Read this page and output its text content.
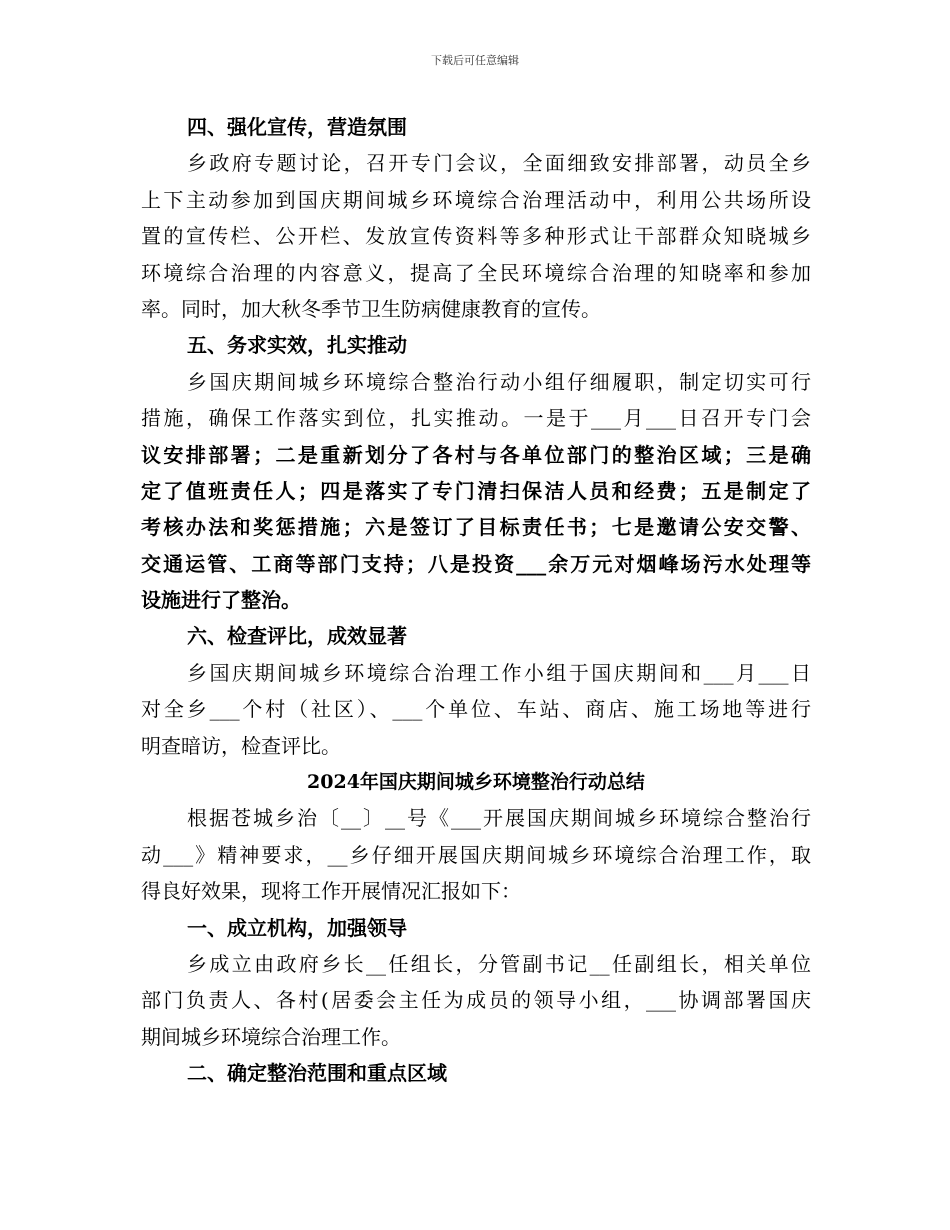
下载后可任意编辑
四、强化宣传，营造氛围
乡政府专题讨论，召开专门会议，全面细致安排部署，动员全乡
上下主动参加到国庆期间城乡环境综合治理活动中，利用公共场所设
置的宣传栏、公开栏、发放宣传资料等多种形式让干部群众知晓城乡
环境综合治理的内容意义，提高了全民环境综合治理的知晓率和参加
率。同时，加大秋冬季节卫生防病健康教育的宣传。
五、务求实效，扎实推动
乡国庆期间城乡环境综合整治行动小组仔细履职，制定切实可行
措施，确保工作落实到位，扎实推动。一是于___月___日召开专门会
议安排部署；二是重新划分了各村与各单位部门的整治区域；三是确
定了值班责任人；四是落实了专门清扫保洁人员和经费；五是制定了
考核办法和奖惩措施；六是签订了目标责任书；七是邀请公安交警、
交通运管、工商等部门支持；八是投资___余万元对烟峰场污水处理等
设施进行了整治。
六、检查评比，成效显著
乡国庆期间城乡环境综合治理工作小组于国庆期间和___月___日
对全乡___个村（社区）、___个单位、车站、商店、施工场地等进行
明查暗访，检查评比。
2024年国庆期间城乡环境整治行动总结
根据苍城乡治〔__〕__号《___开展国庆期间城乡环境综合整治行
动___》精神要求，__乡仔细开展国庆期间城乡环境综合治理工作，取
得良好效果，现将工作开展情况汇报如下：
一、成立机构，加强领导
乡成立由政府乡长__任组长，分管副书记__任副组长，相关单位
部门负责人、各村(居委会主任为成员的领导小组，___协调部署国庆
期间城乡环境综合治理工作。
二、确定整治范围和重点区域
